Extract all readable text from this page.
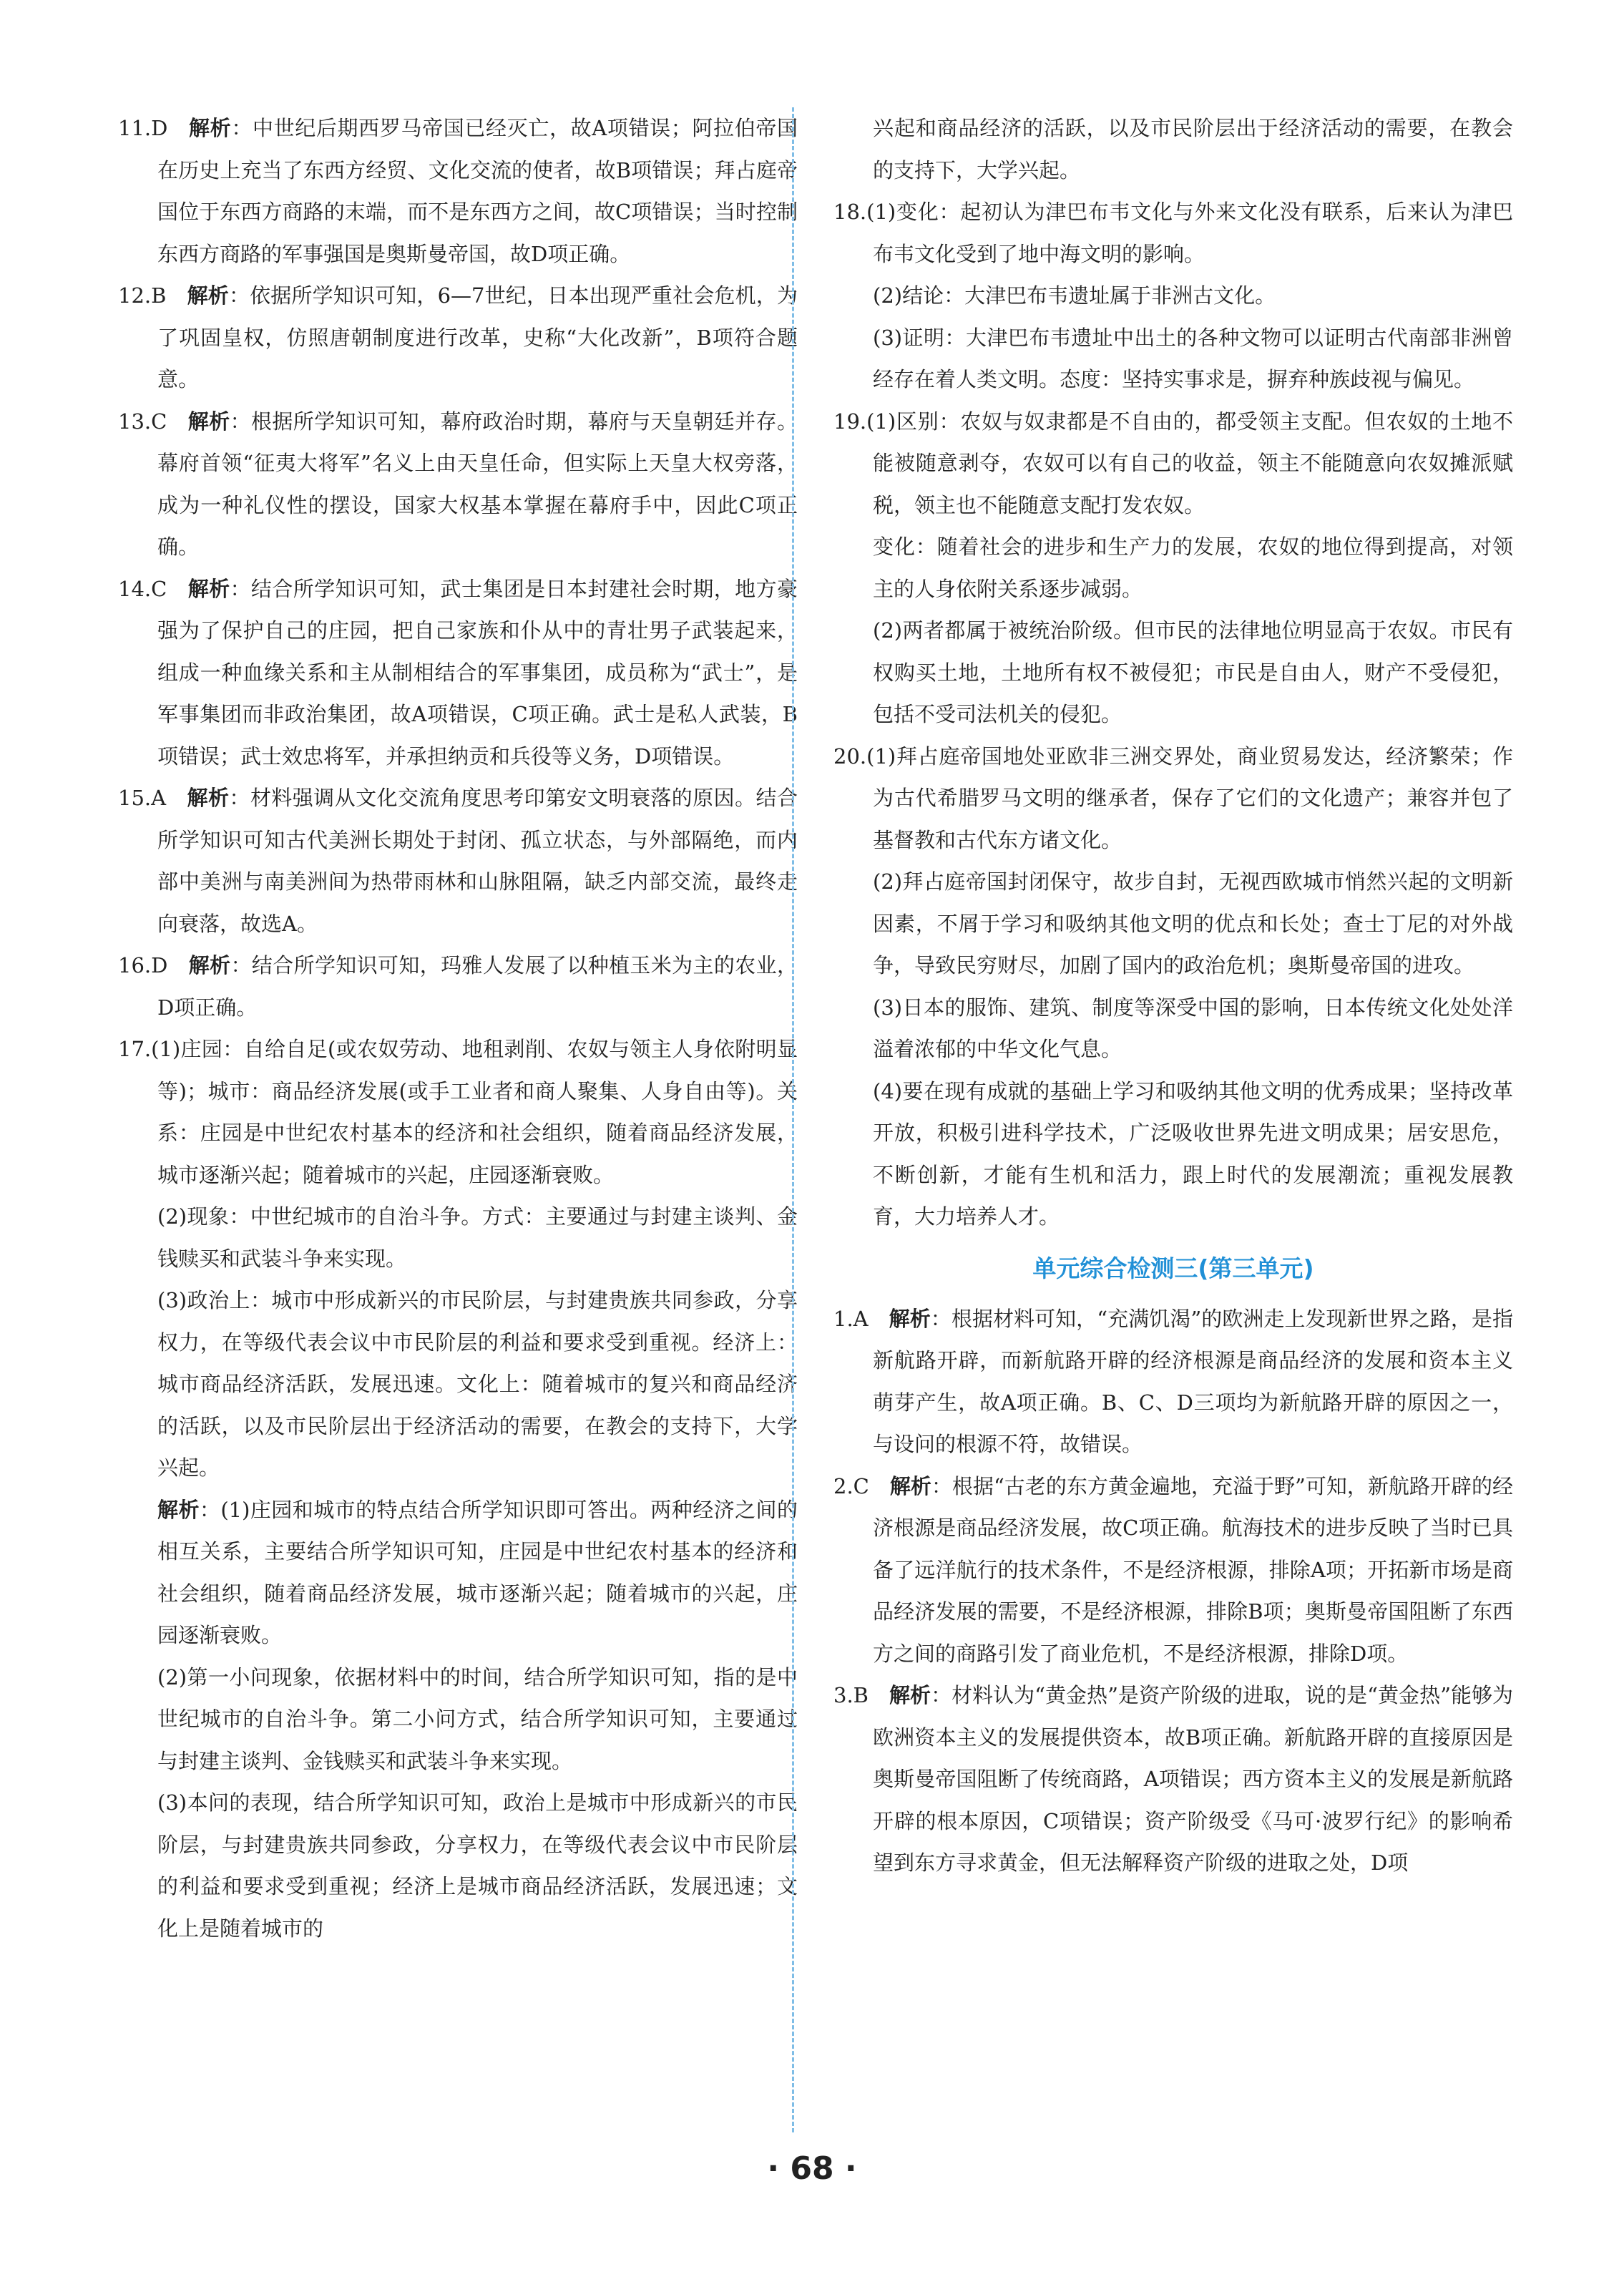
11.D  解析：中世纪后期西罗马帝国已经灭亡，故A项错误；阿拉伯帝国在历史上充当了东西方经贸、文化交流的使者，故B项错误；拜占庭帝国位于东西方商路的末端，而不是东西方之间，故C项错误；当时控制东西方商路的军事强国是奥斯曼帝国，故D项正确。

12.B  解析：依据所学知识可知，6—7世纪，日本出现严重社会危机，为了巩固皇权，仿照唐朝制度进行改革，史称“大化改新”，B项符合题意。

13.C  解析：根据所学知识可知，幕府政治时期，幕府与天皇朝廷并存。幕府首领“征夷大将军”名义上由天皇任命，但实际上天皇大权旁落，成为一种礼仪性的摆设，国家大权基本掌握在幕府手中，因此C项正确。

14.C  解析：结合所学知识可知，武士集团是日本封建社会时期，地方豪强为了保护自己的庄园，把自己家族和仆从中的青壮男子武装起来，组成一种血缘关系和主从制相结合的军事集团，成员称为“武士”，是军事集团而非政治集团，故A项错误，C项正确。武士是私人武装，B项错误；武士效忠将军，并承担纳贡和兵役等义务，D项错误。

15.A  解析：材料强调从文化交流角度思考印第安文明衰落的原因。结合所学知识可知古代美洲长期处于封闭、孤立状态，与外部隔绝，而内部中美洲与南美洲间为热带雨林和山脉阻隔，缺乏内部交流，最终走向衰落，故选A。

16.D  解析：结合所学知识可知，玛雅人发展了以种植玉米为主的农业，D项正确。

17.(1)庄园：自给自足(或农奴劳动、地租剥削、农奴与领主人身依附明显等)；城市：商品经济发展(或手工业者和商人聚集、人身自由等)。关系：庄园是中世纪农村基本的经济和社会组织，随着商品经济发展，城市逐渐兴起；随着城市的兴起，庄园逐渐衰败。

(2)现象：中世纪城市的自治斗争。方式：主要通过与封建主谈判、金钱赎买和武装斗争来实现。

(3)政治上：城市中形成新兴的市民阶层，与封建贵族共同参政，分享权力，在等级代表会议中市民阶层的利益和要求受到重视。经济上：城市商品经济活跃，发展迅速。文化上：随着城市的复兴和商品经济的活跃，以及市民阶层出于经济活动的需要，在教会的支持下，大学兴起。

解析：(1)庄园和城市的特点结合所学知识即可答出。两种经济之间的相互关系，主要结合所学知识可知，庄园是中世纪农村基本的经济和社会组织，随着商品经济发展，城市逐渐兴起；随着城市的兴起，庄园逐渐衰败。

(2)第一小问现象，依据材料中的时间，结合所学知识可知，指的是中世纪城市的自治斗争。第二小问方式，结合所学知识可知，主要通过与封建主谈判、金钱赎买和武装斗争来实现。

(3)本问的表现，结合所学知识可知，政治上是城市中形成新兴的市民阶层，与封建贵族共同参政，分享权力，在等级代表会议中市民阶层的利益和要求受到重视；经济上是城市商品经济活跃，发展迅速；文化上是随着城市的

兴起和商品经济的活跃，以及市民阶层出于经济活动的需要，在教会的支持下，大学兴起。

18.(1)变化：起初认为津巴布韦文化与外来文化没有联系，后来认为津巴布韦文化受到了地中海文明的影响。

(2)结论：大津巴布韦遗址属于非洲古文化。

(3)证明：大津巴布韦遗址中出土的各种文物可以证明古代南部非洲曾经存在着人类文明。态度：坚持实事求是，摒弃种族歧视与偏见。

19.(1)区别：农奴与奴隶都是不自由的，都受领主支配。但农奴的土地不能被随意剥夺，农奴可以有自己的收益，领主不能随意向农奴摊派赋税，领主也不能随意支配打发农奴。

变化：随着社会的进步和生产力的发展，农奴的地位得到提高，对领主的人身依附关系逐步减弱。

(2)两者都属于被统治阶级。但市民的法律地位明显高于农奴。市民有权购买土地，土地所有权不被侵犯；市民是自由人，财产不受侵犯，包括不受司法机关的侵犯。

20.(1)拜占庭帝国地处亚欧非三洲交界处，商业贸易发达，经济繁荣；作为古代希腊罗马文明的继承者，保存了它们的文化遗产；兼容并包了基督教和古代东方诸文化。

(2)拜占庭帝国封闭保守，故步自封，无视西欧城市悄然兴起的文明新因素，不屑于学习和吸纳其他文明的优点和长处；查士丁尼的对外战争，导致民穷财尽，加剧了国内的政治危机；奥斯曼帝国的进攻。

(3)日本的服饰、建筑、制度等深受中国的影响，日本传统文化处处洋溢着浓郁的中华文化气息。

(4)要在现有成就的基础上学习和吸纳其他文明的优秀成果；坚持改革开放，积极引进科学技术，广泛吸收世界先进文明成果；居安思危，不断创新，才能有生机和活力，跟上时代的发展潮流；重视发展教育，大力培养人才。

单元综合检测三(第三单元)

1.A  解析：根据材料可知，“充满饥渴”的欧洲走上发现新世界之路，是指新航路开辟，而新航路开辟的经济根源是商品经济的发展和资本主义萌芽产生，故A项正确。B、C、D三项均为新航路开辟的原因之一，与设问的根源不符，故错误。

2.C  解析：根据“古老的东方黄金遍地，充溢于野”可知，新航路开辟的经济根源是商品经济发展，故C项正确。航海技术的进步反映了当时已具备了远洋航行的技术条件，不是经济根源，排除A项；开拓新市场是商品经济发展的需要，不是经济根源，排除B项；奥斯曼帝国阻断了东西方之间的商路引发了商业危机，不是经济根源，排除D项。

3.B  解析：材料认为“黄金热”是资产阶级的进取，说的是“黄金热”能够为欧洲资本主义的发展提供资本，故B项正确。新航路开辟的直接原因是奥斯曼帝国阻断了传统商路，A项错误；西方资本主义的发展是新航路开辟的根本原因，C项错误；资产阶级受《马可·波罗行纪》的影响希望到东方寻求黄金，但无法解释资产阶级的进取之处，D项

· 68 ·
